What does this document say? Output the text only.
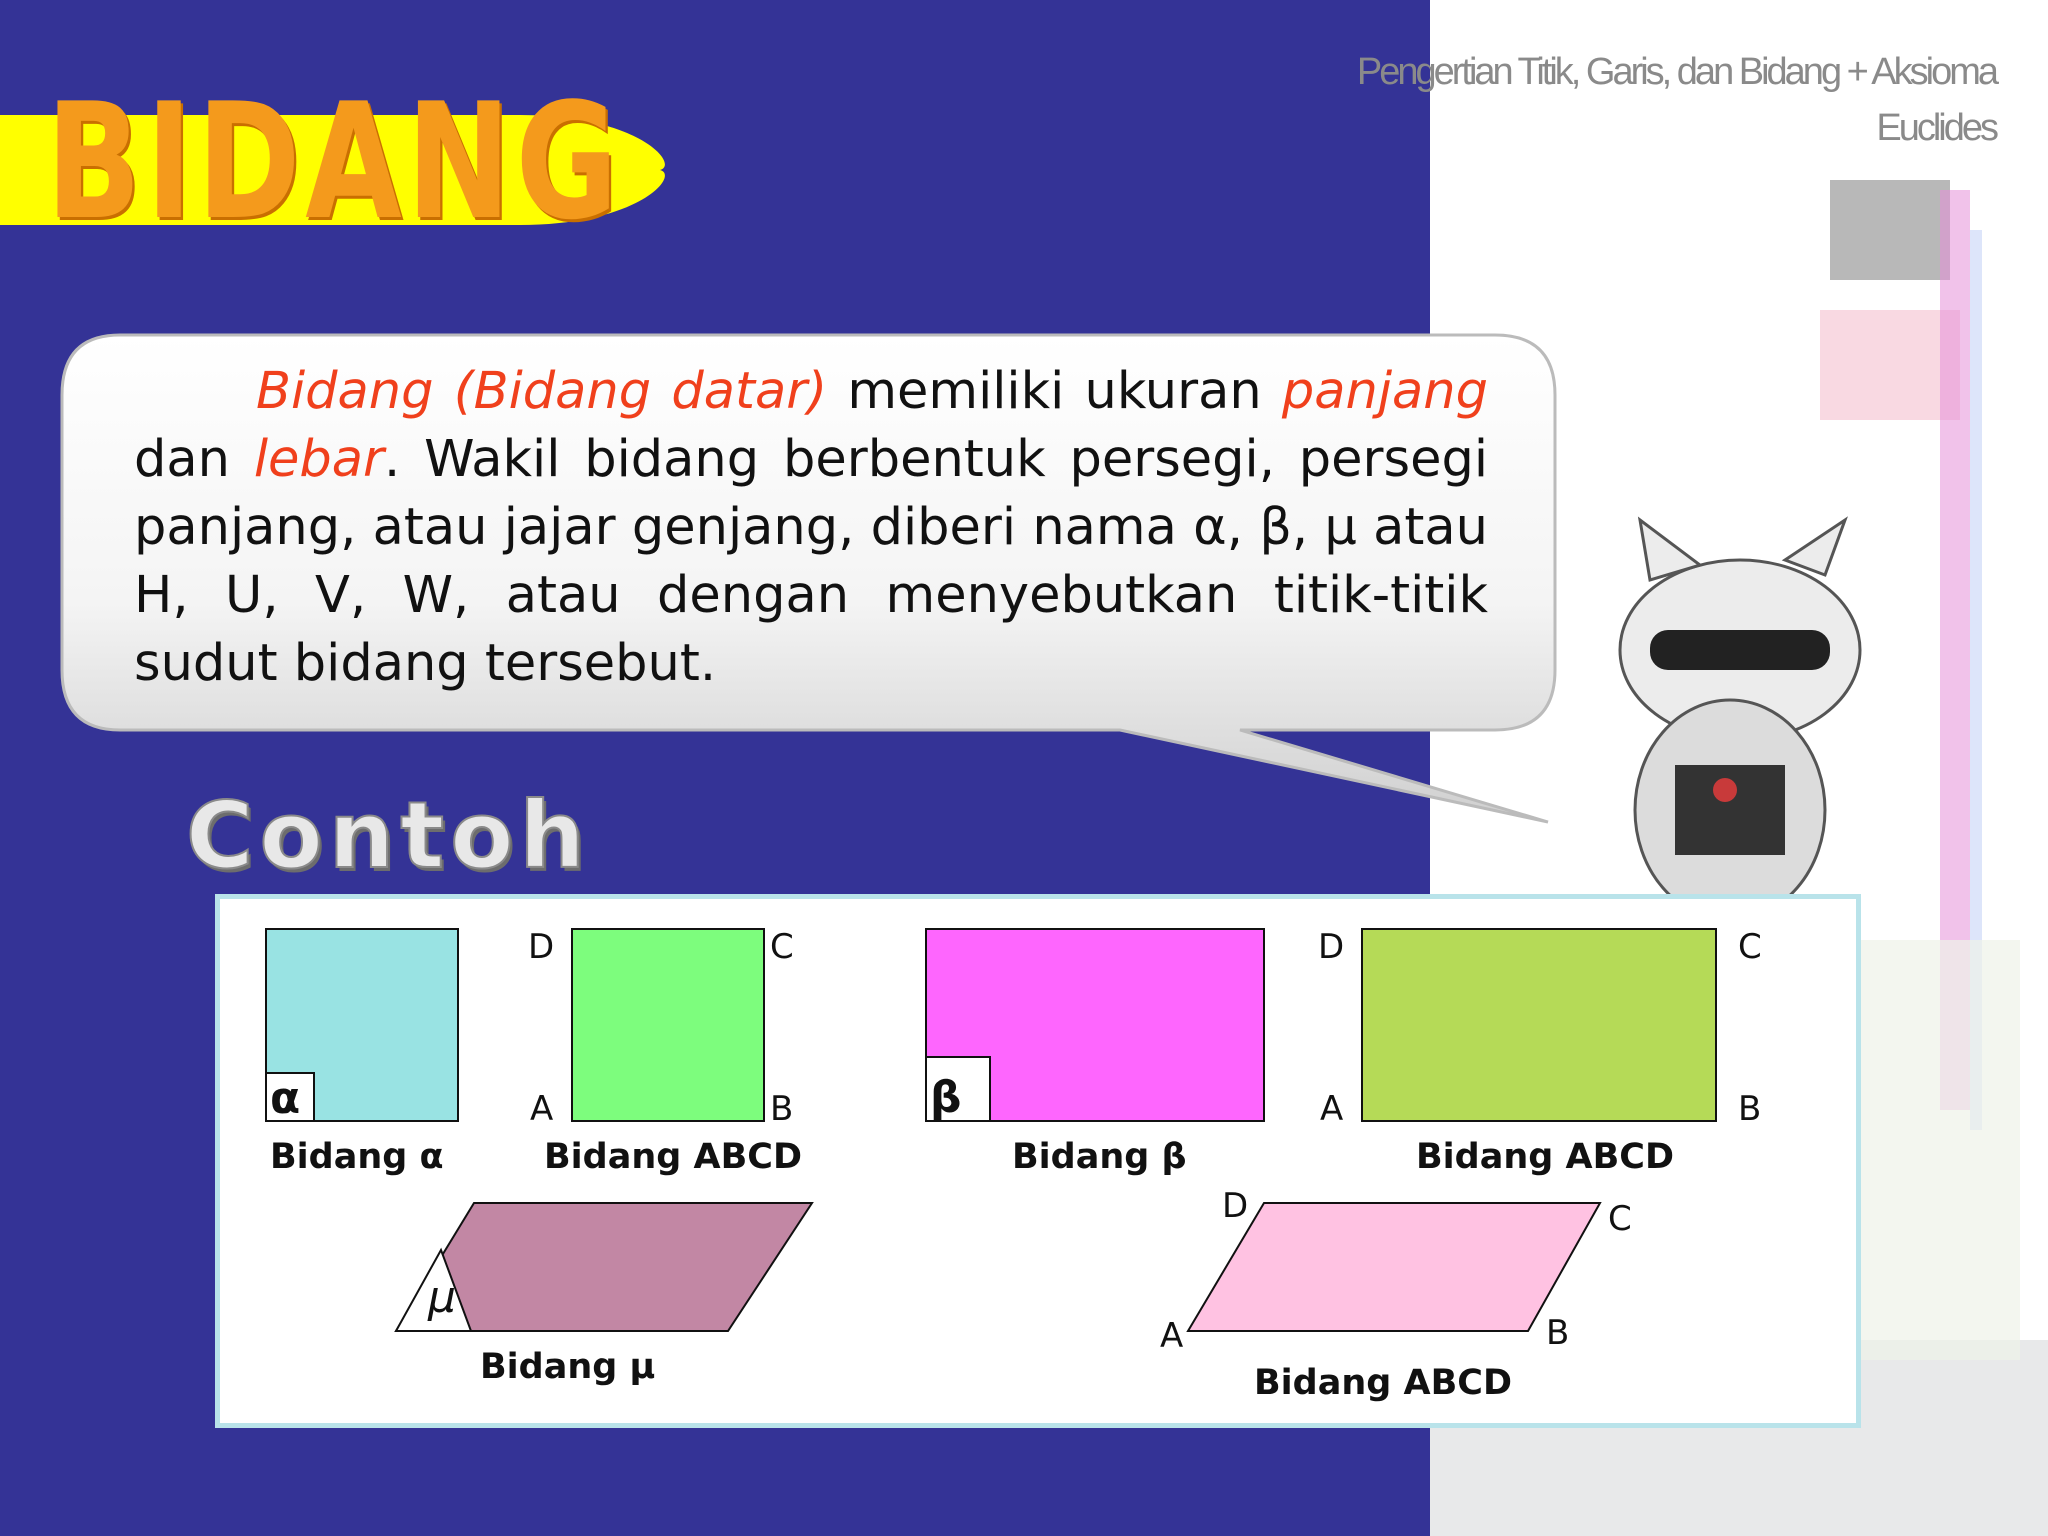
Pengertian Titik, Garis, dan Bidang + Aksioma
Euclides
BIDANG
Bidang (Bidang datar) memiliki ukuran panjang dan lebar. Wakil bidang berbentuk persegi, persegi panjang, atau jajar genjang, diberi nama α, β, μ atau H, U, V, W, atau dengan menyebutkan titik-titik sudut bidang tersebut.
Contoh
α
Bidang α
D	C
A	B
Bidang ABCD
β
Bidang β
D	C
A	B
Bidang ABCD
μ
Bidang μ
D	C
A	B
Bidang ABCD
